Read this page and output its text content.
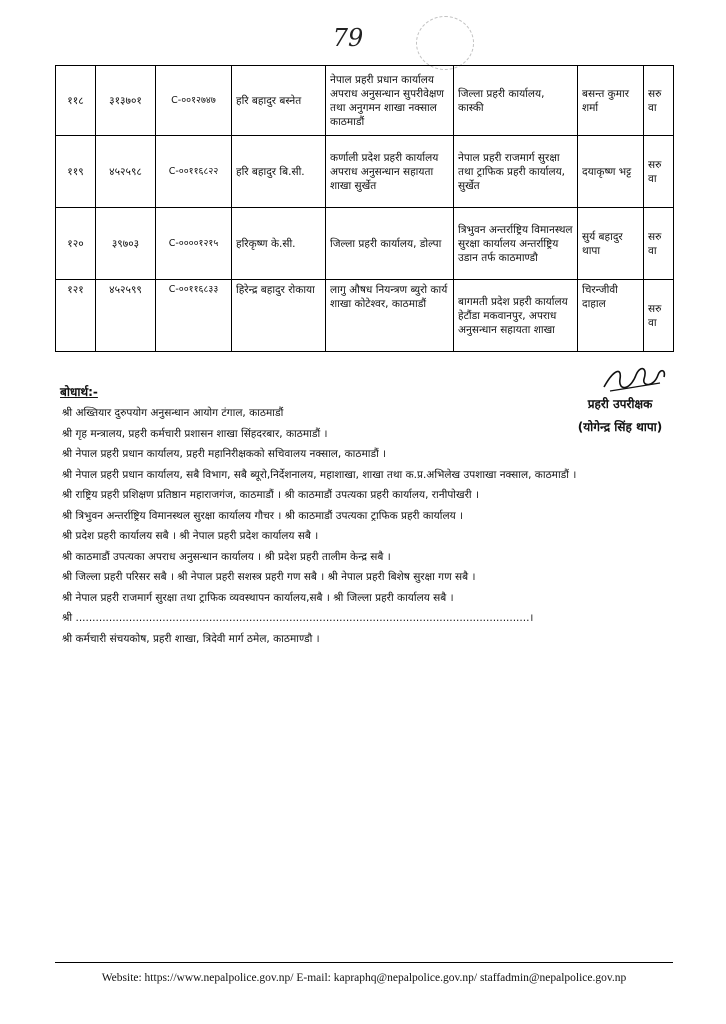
79
११८	३१३७०१	C-००१२७४७	हरि बहादुर बस्नेत	नेपाल प्रहरी प्रधान कार्यालय अपराध अनुसन्धान सुपरीवेक्षण तथा अनुगमन शाखा नक्साल काठमाडौं	जिल्ला प्रहरी कार्यालय, कास्की	बसन्त कुमार शर्मा	सरुवा
११९	४५२५९८	C-००११६८२२	हरि बहादुर बि.सी.	कर्णाली प्रदेश प्रहरी कार्यालय अपराध अनुसन्धान सहायता शाखा सुर्खेत	नेपाल प्रहरी राजमार्ग सुरक्षा तथा ट्राफिक प्रहरी कार्यालय, सुर्खेत	दयाकृष्ण भट्ट	सरुवा
१२०	३९७०३	C-००००१२१५	हरिकृष्ण के.सी.	जिल्ला प्रहरी कार्यालय, डोल्पा	त्रिभुवन अन्तर्राष्ट्रिय विमानस्थल सुरक्षा कार्यालय अन्तर्राष्ट्रिय उडान तर्फ काठमाण्डौ	सुर्य बहादुर थापा	सरुवा
१२१	४५२५९९	C-००११६८३३	हिरेन्द्र बहादुर रोकाया	लागु औषध नियन्त्रण ब्युरो कार्य शाखा कोटेश्वर, काठमाडौं	बागमती प्रदेश प्रहरी कार्यालय हेटौंडा मकवानपुर, अपराध अनुसन्धान सहायता शाखा	चिरन्जीवी दाहाल	सरुवा
प्रहरी उपरीक्षक
(योगेन्द्र सिंह थापा)
बोधार्थ:-
श्री अख्तियार दुरुपयोग अनुसन्धान आयोग टंगाल, काठमाडौं
श्री गृह मन्त्रालय, प्रहरी कर्मचारी प्रशासन शाखा सिंहदरबार, काठमाडौं ।
श्री नेपाल प्रहरी प्रधान कार्यालय, प्रहरी महानिरीक्षकको सचिवालय नक्साल, काठमाडौं ।
श्री नेपाल प्रहरी प्रधान कार्यालय, सबै विभाग, सबै ब्यूरो,निर्देशनालय, महाशाखा, शाखा तथा क.प्र.अभिलेख उपशाखा नक्साल, काठमाडौं ।
श्री राष्ट्रिय प्रहरी प्रशिक्षण प्रतिष्ठान महाराजगंज, काठमाडौं । श्री काठमाडौं उपत्यका प्रहरी कार्यालय, रानीपोखरी ।
श्री त्रिभुवन अन्तर्राष्ट्रिय विमानस्थल सुरक्षा कार्यालय गौचर । श्री काठमाडौं उपत्यका ट्राफिक प्रहरी कार्यालय ।
श्री प्रदेश प्रहरी कार्यालय सबै । श्री नेपाल प्रहरी प्रदेश कार्यालय सबै ।
श्री काठमाडौं उपत्यका अपराध अनुसन्धान कार्यालय । श्री प्रदेश प्रहरी तालीम केन्द्र सबै ।
श्री जिल्ला प्रहरी परिसर सबै । श्री नेपाल प्रहरी सशस्त्र प्रहरी गण सबै । श्री नेपाल प्रहरी बिशेष सुरक्षा गण सबै ।
श्री नेपाल प्रहरी राजमार्ग सुरक्षा तथा ट्राफिक व्यवस्थापन कार्यालय,सबै । श्री जिल्ला प्रहरी कार्यालय सबै ।
श्री ........................................................................................................................................।
श्री कर्मचारी संचयकोष, प्रहरी शाखा, त्रिदेवी मार्ग ठमेल, काठमाण्डौ ।
Website: https://www.nepalpolice.gov.np/ E-mail: kapraphq@nepalpolice.gov.np/ staffadmin@nepalpolice.gov.np
